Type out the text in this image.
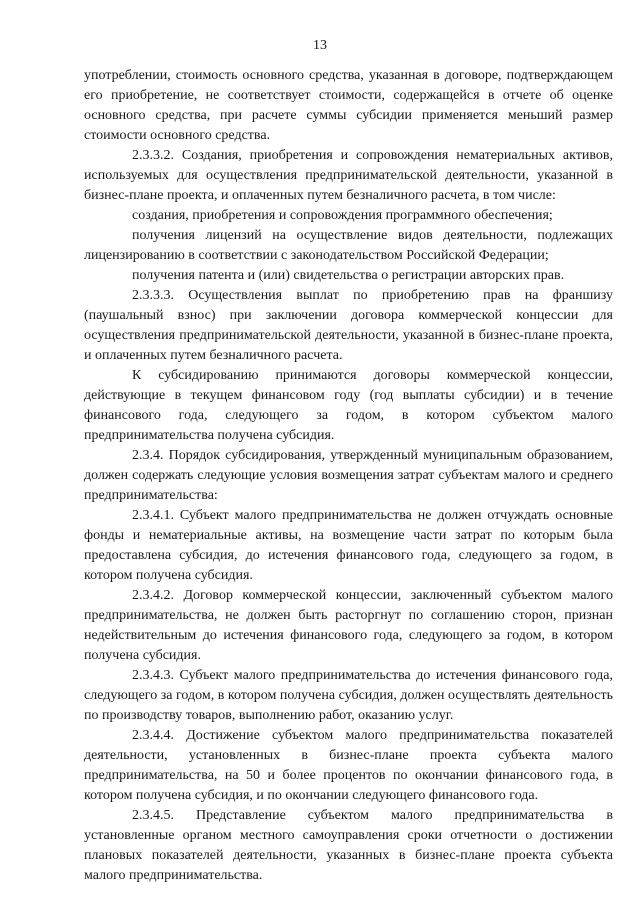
13

употреблении, стоимость основного средства, указанная в договоре, подтверждающем его приобретение, не соответствует стоимости, содержащейся в отчете об оценке основного средства, при расчете суммы субсидии применяется меньший размер стоимости основного средства.

2.3.3.2. Создания, приобретения и сопровождения нематериальных активов, используемых для осуществления предпринимательской деятельности, указанной в бизнес-плане проекта, и оплаченных путем безналичного расчета, в том числе:

создания, приобретения и сопровождения программного обеспечения;

получения лицензий на осуществление видов деятельности, подлежащих лицензированию в соответствии с законодательством Российской Федерации;

получения патента и (или) свидетельства о регистрации авторских прав.

2.3.3.3. Осуществления выплат по приобретению прав на франшизу (паушальный взнос) при заключении договора коммерческой концессии для осуществления предпринимательской деятельности, указанной в бизнес-плане проекта, и оплаченных путем безналичного расчета.

К субсидированию принимаются договоры коммерческой концессии, действующие в текущем финансовом году (год выплаты субсидии) и в течение финансового года, следующего за годом, в котором субъектом малого предпринимательства получена субсидия.

2.3.4. Порядок субсидирования, утвержденный муниципальным образованием, должен содержать следующие условия возмещения затрат субъектам малого и среднего предпринимательства:

2.3.4.1. Субъект малого предпринимательства не должен отчуждать основные фонды и нематериальные активы, на возмещение части затрат по которым была предоставлена субсидия, до истечения финансового года, следующего за годом, в котором получена субсидия.

2.3.4.2. Договор коммерческой концессии, заключенный субъектом малого предпринимательства, не должен быть расторгнут по соглашению сторон, признан недействительным до истечения финансового года, следующего за годом, в котором получена субсидия.

2.3.4.3. Субъект малого предпринимательства до истечения финансового года, следующего за годом, в котором получена субсидия, должен осуществлять деятельность по производству товаров, выполнению работ, оказанию услуг.

2.3.4.4. Достижение субъектом малого предпринимательства показателей деятельности, установленных в бизнес-плане проекта субъекта малого предпринимательства, на 50 и более процентов по окончании финансового года, в котором получена субсидия, и по окончании следующего финансового года.

2.3.4.5. Представление субъектом малого предпринимательства в установленные органом местного самоуправления сроки отчетности о достижении плановых показателей деятельности, указанных в бизнес-плане проекта субъекта малого предпринимательства.
